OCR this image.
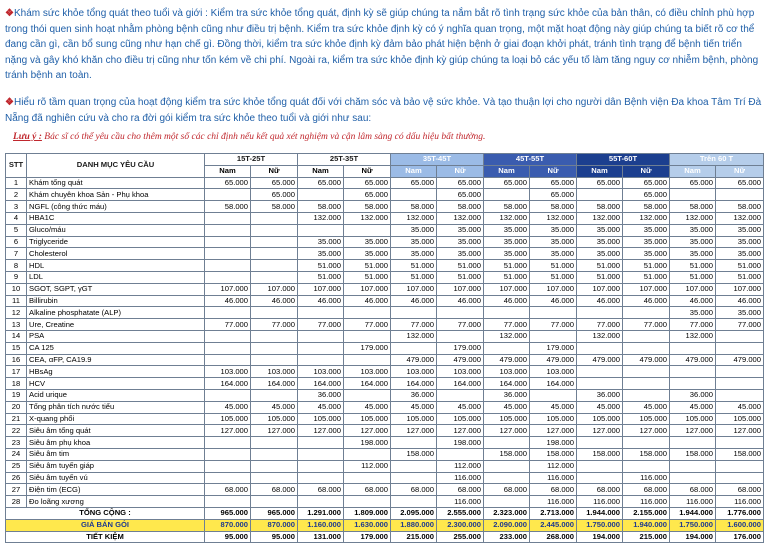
❖Khám sức khỏe tổng quát theo tuổi và giới : Kiểm tra sức khỏe tổng quát, định kỳ sẽ giúp chúng ta nắm bắt rõ tình trạng sức khỏe của bản thân, có điều chỉnh phù hợp trong thói quen sinh hoạt nhằm phòng bệnh cũng như điều trị bệnh. Kiểm tra sức khỏe định kỳ có ý nghĩa quan trọng, một mặt hoạt động này giúp chúng ta biết rõ cơ thể đang cần gì, cần bổ sung cũng như hạn chế gì. Đồng thời, kiểm tra sức khỏe định kỳ đảm bảo phát hiện bệnh ở giai đoạn khởi phát, tránh tình trạng để bệnh tiến triển nặng và gây khó khăn cho điều trị cũng như tốn kém về chi phí. Ngoài ra, kiểm tra sức khỏe định kỳ giúp chúng ta loại bỏ các yếu tố làm tăng nguy cơ nhiễm bệnh, phòng tránh bệnh an toàn.
❖Hiểu rõ tầm quan trọng của hoạt động kiểm tra sức khỏe tổng quát đối với chăm sóc và bảo vệ sức khỏe. Và tạo thuận lợi cho người dân Bệnh viện Đa khoa Tâm Trí Đà Nẵng đã nghiên cứu và cho ra đời gói kiểm tra sức khỏe theo tuổi và giới như sau:
Lưu ý : Bác sĩ có thể yêu cầu cho thêm một số các chỉ định nếu kết quả xét nghiệm và cận lâm sàng có dấu hiệu bất thường.
STT	DANH MỤC YÊU CẦU	15T-25T		25T-35T		35T-45T		45T-55T		55T-60T		Trên 60 T	
		Nam	Nữ	Nam	Nữ	Nam	Nữ	Nam	Nữ	Nam	Nữ	Nam	Nữ
1	Khám tổng quát	65.000	65.000	65.000	65.000	65.000	65.000	65.000	65.000	65.000	65.000	65.000	65.000
2	Khám chuyên khoa Sản - Phụ khoa		65.000		65.000		65.000		65.000		65.000		
3	NGFL (công thức máu)	58.000	58.000	58.000	58.000	58.000	58.000	58.000	58.000	58.000	58.000	58.000	58.000
4	HBA1C			132.000	132.000	132.000	132.000	132.000	132.000	132.000	132.000	132.000	132.000
5	Gluco/máu					35.000	35.000	35.000	35.000	35.000	35.000	35.000	35.000
6	Triglyceride			35.000	35.000	35.000	35.000	35.000	35.000	35.000	35.000	35.000	35.000
7	Cholesterol			35.000	35.000	35.000	35.000	35.000	35.000	35.000	35.000	35.000	35.000
8	HDL			51.000	51.000	51.000	51.000	51.000	51.000	51.000	51.000	51.000	51.000
9	LDL			51.000	51.000	51.000	51.000	51.000	51.000	51.000	51.000	51.000	51.000
10	SGOT, SGPT, γGT	107.000	107.000	107.000	107.000	107.000	107.000	107.000	107.000	107.000	107.000	107.000	107.000
11	Billirubin	46.000	46.000	46.000	46.000	46.000	46.000	46.000	46.000	46.000	46.000	46.000	46.000
12	Alkaline phosphatate (ALP)											35.000	35.000
13	Ure, Creatine	77.000	77.000	77.000	77.000	77.000	77.000	77.000	77.000	77.000	77.000	77.000	77.000
14	PSA					132.000		132.000		132.000		132.000	
15	CA 125				179.000		179.000		179.000				
16	CEA, αFP, CA19.9					479.000	479.000	479.000	479.000	479.000	479.000	479.000	479.000
17	HBsAg	103.000	103.000	103.000	103.000	103.000	103.000	103.000	103.000				
18	HCV	164.000	164.000	164.000	164.000	164.000	164.000	164.000	164.000				
19	Acid urique			36.000		36.000		36.000		36.000		36.000	
20	Tổng phân tích nước tiểu	45.000	45.000	45.000	45.000	45.000	45.000	45.000	45.000	45.000	45.000	45.000	45.000
21	X-quang phổi	105.000	105.000	105.000	105.000	105.000	105.000	105.000	105.000	105.000	105.000	105.000	105.000
22	Siêu âm tổng quát	127.000	127.000	127.000	127.000	127.000	127.000	127.000	127.000	127.000	127.000	127.000	127.000
23	Siêu âm phụ khoa				198.000		198.000		198.000				
24	Siêu âm tim					158.000		158.000	158.000	158.000	158.000	158.000	158.000
25	Siêu âm tuyến giáp				112.000		112.000		112.000				
26	Siêu âm tuyến vú						116.000		116.000		116.000		
27	Điện tim (ECG)	68.000	68.000	68.000	68.000	68.000	68.000	68.000	68.000	68.000	68.000	68.000	68.000
28	Đo loãng xương						116.000		116.000	116.000	116.000	116.000	116.000
TỔNG CỘNG :		965.000	965.000	1.291.000	1.809.000	2.095.000	2.555.000	2.323.000	2.713.000	1.944.000	2.155.000	1.944.000	1.776.000
GIÁ BÁN GÓI		870.000	870.000	1.160.000	1.630.000	1.880.000	2.300.000	2.090.000	2.445.000	1.750.000	1.940.000	1.750.000	1.600.000
TIẾT KIỆM		95.000	95.000	131.000	179.000	215.000	255.000	233.000	268.000	194.000	215.000	194.000	176.000
